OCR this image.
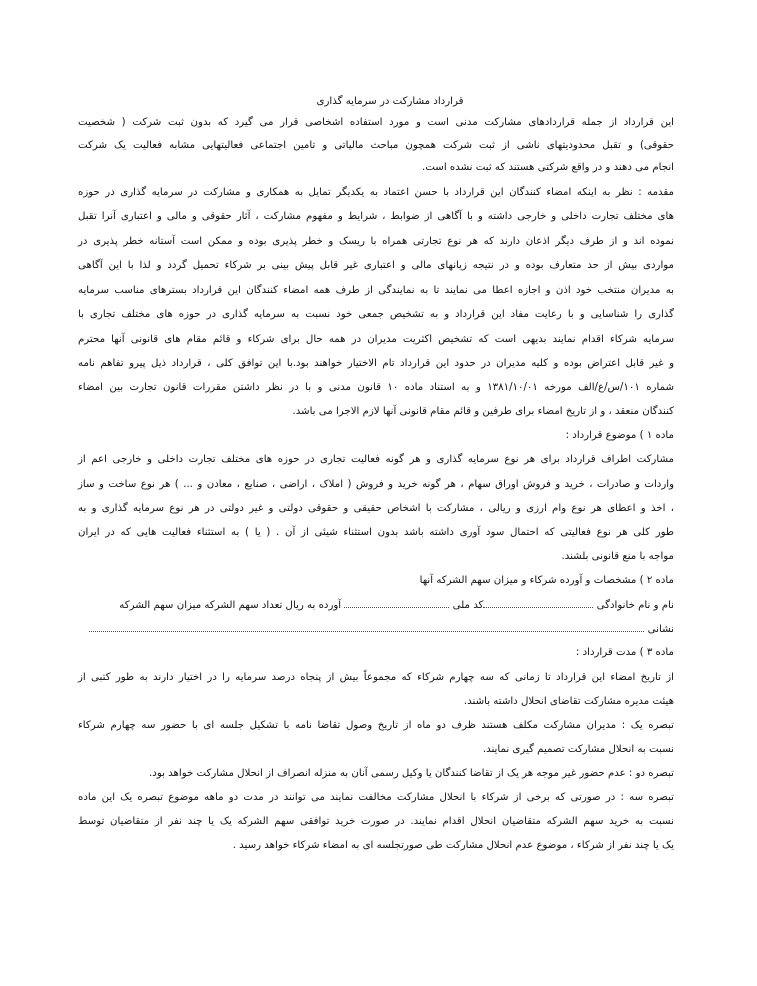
قرارداد مشارکت در سرمایه گذاری
این قرارداد از جمله قراردادهای مشارکت مدنی است و مورد استفاده اشخاصی قرار می گیرد که بدون ثبت شرکت ( شخصیت
حقوقی) و تقبل محدودیتهای ناشی از ثبت شرکت همچون مباحث مالیاتی و تامین اجتماعی فعالیتهایی مشابه فعالیت یک شرکت
انجام می دهند و در واقع شرکتی هستند که ثبت نشده است.
مقدمه : نظر به اینکه امضاء کنندگان این قرارداد با حسن اعتماد به یکدیگر تمایل به همکاری و مشارکت در سرمایه گذاری در حوزه
های مختلف تجارت داخلی و خارجی داشته و با آگاهی از ضوابط ، شرایط و مفهوم مشارکت ، آثار حقوقی و مالی و اعتباری آنرا تقبل
نموده اند و از طرف دیگر اذعان دارند که هر نوع تجارتی همراه با ریسک و خطر پذیری بوده و ممکن است آستانه خطر پذیری در
مواردی بیش از حد متعارف بوده و در نتیجه زیانهای مالی و اعتباری غیر قابل پیش بینی بر شرکاء تحمیل گردد و لذا با این آگاهی
به مدیران منتخب خود اذن و اجازه اعطا می نمایند تا به نمایندگی از طرف همه امضاء کنندگان این قرارداد بسترهای مناسب سرمایه
گذاری را شناسایی و با رعایت مفاد این قرارداد و به تشخیص جمعی خود نسبت به سرمایه گذاری در حوزه های مختلف تجاری با
سرمایه شرکاء اقدام نمایند بدیهی است که تشخیص اکثریت مدیران در همه حال برای شرکاء و قائم مقام های قانونی آنها محترم
و غیر قابل اعتراض بوده و کلیه مدیران در حدود این قرارداد تام الاختیار خواهند بود.با این توافق کلی ، قرارداد ذیل پیرو تفاهم نامه
شماره ۱۰۱/س/ع/الف مورخه ۱۳۸۱/۱۰/۰۱ و به استناد ماده ۱۰ قانون مدنی و با در نظر داشتن مقررات قانون تجارت بین امضاء
کنندگان منعقد ، و از تاریخ امضاء برای طرفین و قائم مقام قانونی آنها لازم الاجرا می باشد.
ماده ۱ ) موضوع قرارداد :
مشارکت اطراف قرارداد برای هر نوع سرمایه گذاری و هر گونه فعالیت تجاری در حوزه های مختلف تجارت داخلی و خارجی اعم از
واردات و صادرات ، خرید و فروش اوراق سهام ، هر گونه خرید و فروش ( املاک ، اراضی ، صنایع ، معادن و ... ) هر نوع ساخت و ساز
، اخذ و اعطای هر نوع وام ارزی و ریالی ، مشارکت با اشخاص حقیقی و حقوقی دولتی و غیر دولتی در هر نوع سرمایه گذاری و به
طور کلی هر نوع فعالیتی که احتمال سود آوری داشته باشد بدون استثناء شیئی از آن . ( یا ) به استثناء فعالیت هایی که در ایران
مواجه با منع قانونی بلشند.
ماده ۲ ) مشخصات و آورده شرکاء و میزان سهم الشرکه آنها
نام و نام خانوادگی کد ملی  آورده به ریال تعداد سهم الشرکه میزان سهم الشرکه
نشانی
ماده ۳ ) مدت قرارداد :
از تاریخ امضاء این قرارداد تا زمانی که سه چهارم شرکاء که مجموعاً بیش از پنجاه درصد سرمایه را در اختیار دارند به طور کتبی از
هیئت مدیره مشارکت تقاضای انحلال داشته باشند.
تبصره یک : مدیران مشارکت مکلف هستند ظرف دو ماه از تاریخ وصول تقاضا نامه با تشکیل جلسه ای با حضور سه چهارم شرکاء
نسبت به انحلال مشارکت تصمیم گیری نمایند.
تبصره دو : عدم حضور غیر موجه هر یک از تقاضا کنندگان یا وکیل رسمی آنان به منزله انصراف از انحلال مشارکت خواهد بود.
تبصره سه : در صورتی که برخی از شرکاء با انحلال مشارکت مخالفت نمایند می توانند در مدت دو ماهه موضوع تبصره یک این ماده
نسبت به خرید سهم الشرکه متقاضیان انحلال اقدام نمایند. در صورت خرید توافقی سهم الشرکه یک یا چند نفر از متقاضیان توسط
یک یا چند نفر از شرکاء ، موضوع عدم انحلال مشارکت طی صورتجلسه ای به امضاء شرکاء خواهد رسید .
